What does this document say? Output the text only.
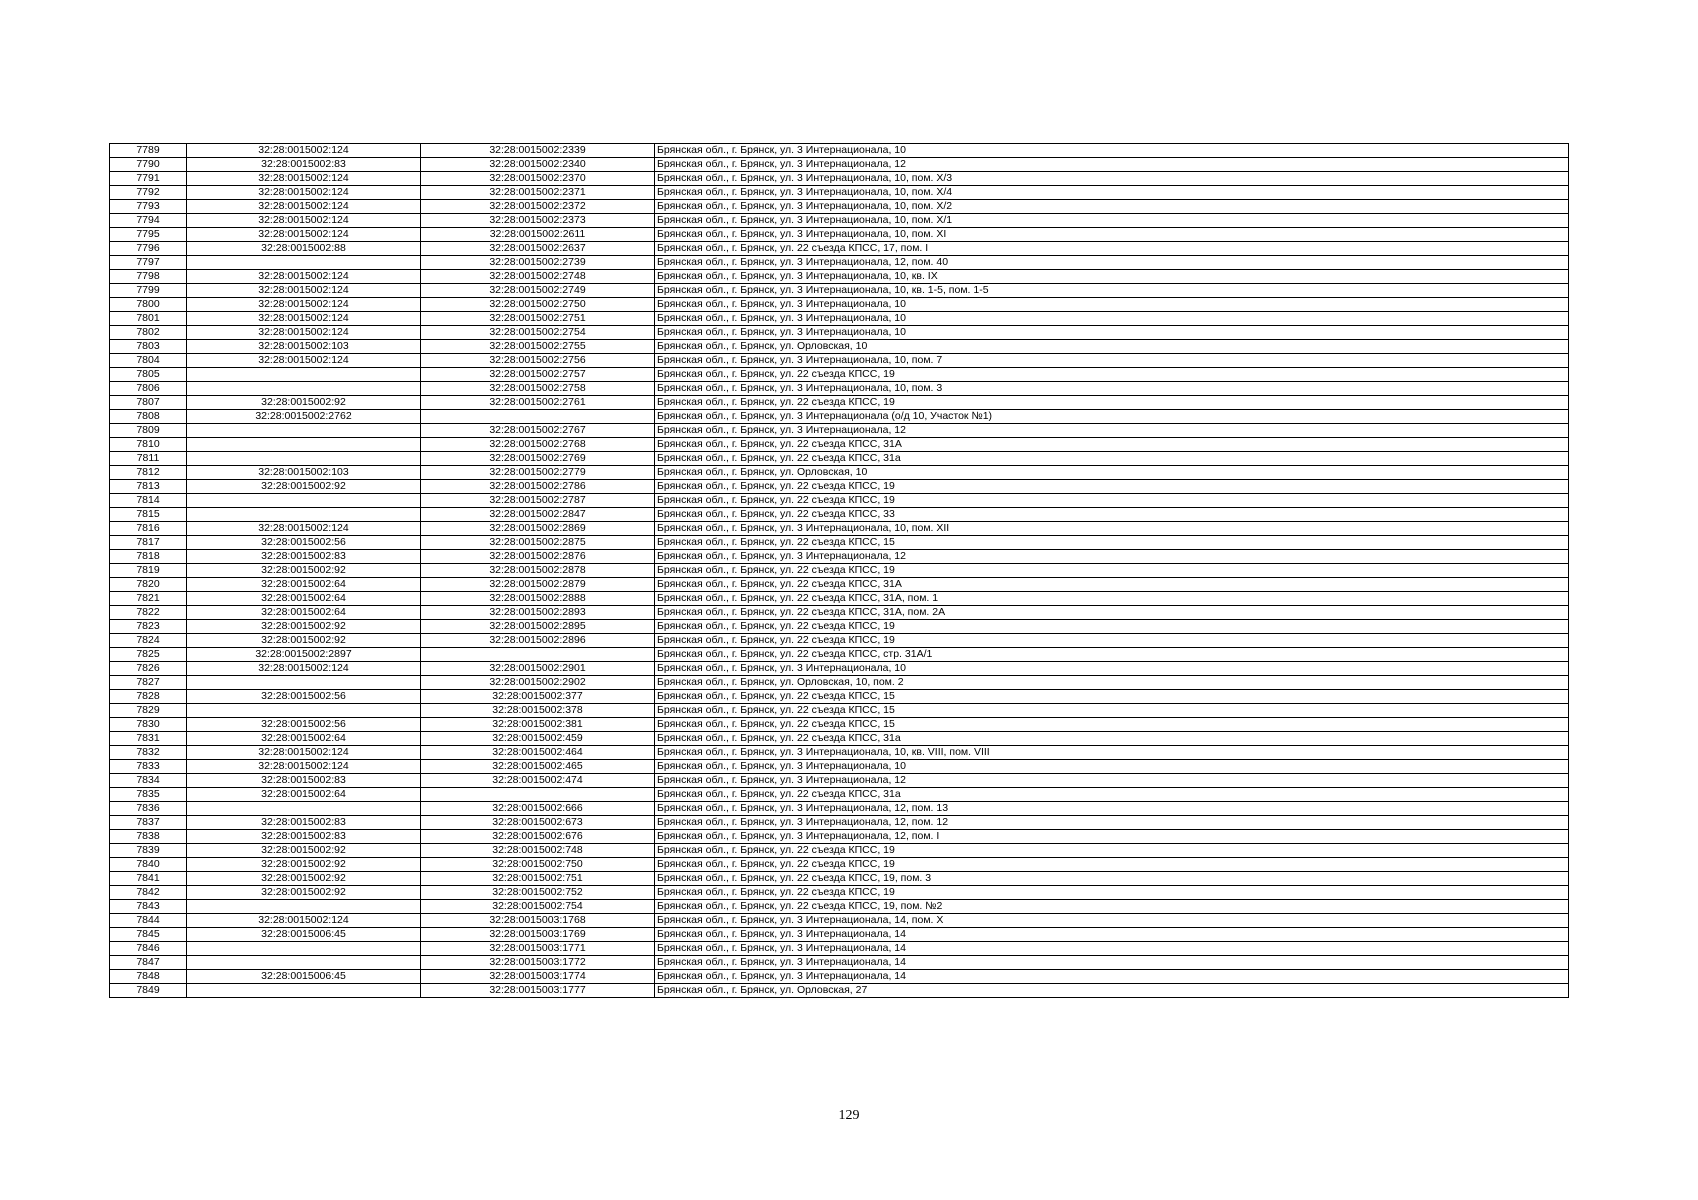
7789	32:28:0015002:124	32:28:0015002:2339	Брянская обл., г. Брянск, ул. 3 Интернационала, 10
7790	32:28:0015002:83	32:28:0015002:2340	Брянская обл., г. Брянск, ул. 3 Интернационала, 12
7791	32:28:0015002:124	32:28:0015002:2370	Брянская обл., г. Брянск, ул. 3 Интернационала, 10, пом. X/3
7792	32:28:0015002:124	32:28:0015002:2371	Брянская обл., г. Брянск, ул. 3 Интернационала, 10, пом. X/4
7793	32:28:0015002:124	32:28:0015002:2372	Брянская обл., г. Брянск, ул. 3 Интернационала, 10, пом. X/2
7794	32:28:0015002:124	32:28:0015002:2373	Брянская обл., г. Брянск, ул. 3 Интернационала, 10, пом. X/1
7795	32:28:0015002:124	32:28:0015002:2611	Брянская обл., г. Брянск, ул. 3 Интернационала, 10, пом. XI
7796	32:28:0015002:88	32:28:0015002:2637	Брянская обл., г. Брянск, ул. 22 съезда КПСС, 17, пом. I
7797		32:28:0015002:2739	Брянская обл., г. Брянск, ул. 3 Интернационала, 12, пом. 40
7798	32:28:0015002:124	32:28:0015002:2748	Брянская обл., г. Брянск, ул. 3 Интернационала, 10, кв. IX
7799	32:28:0015002:124	32:28:0015002:2749	Брянская обл., г. Брянск, ул. 3 Интернационала, 10, кв. 1-5, пом. 1-5
7800	32:28:0015002:124	32:28:0015002:2750	Брянская обл., г. Брянск, ул. 3 Интернационала, 10
7801	32:28:0015002:124	32:28:0015002:2751	Брянская обл., г. Брянск, ул. 3 Интернационала, 10
7802	32:28:0015002:124	32:28:0015002:2754	Брянская обл., г. Брянск, ул. 3 Интернационала, 10
7803	32:28:0015002:103	32:28:0015002:2755	Брянская обл., г. Брянск, ул. Орловская, 10
7804	32:28:0015002:124	32:28:0015002:2756	Брянская обл., г. Брянск, ул. 3 Интернационала, 10, пом. 7
7805		32:28:0015002:2757	Брянская обл., г. Брянск, ул. 22 съезда КПСС, 19
7806		32:28:0015002:2758	Брянская обл., г. Брянск, ул. 3 Интернационала, 10, пом. 3
7807	32:28:0015002:92	32:28:0015002:2761	Брянская обл., г. Брянск, ул. 22 съезда КПСС, 19
7808	32:28:0015002:2762		Брянская обл., г. Брянск, ул. 3 Интернационала (о/д 10, Участок №1)
7809		32:28:0015002:2767	Брянская обл., г. Брянск, ул. 3 Интернационала, 12
7810		32:28:0015002:2768	Брянская обл., г. Брянск, ул. 22 съезда КПСС, 31А
7811		32:28:0015002:2769	Брянская обл., г. Брянск, ул. 22 съезда КПСС, 31а
7812	32:28:0015002:103	32:28:0015002:2779	Брянская обл., г. Брянск, ул. Орловская, 10
7813	32:28:0015002:92	32:28:0015002:2786	Брянская обл., г. Брянск, ул. 22 съезда КПСС, 19
7814		32:28:0015002:2787	Брянская обл., г. Брянск, ул. 22 съезда КПСС, 19
7815		32:28:0015002:2847	Брянская обл., г. Брянск, ул. 22 съезда КПСС, 33
7816	32:28:0015002:124	32:28:0015002:2869	Брянская обл., г. Брянск, ул. 3 Интернационала, 10, пом. XII
7817	32:28:0015002:56	32:28:0015002:2875	Брянская обл., г. Брянск, ул. 22 съезда КПСС, 15
7818	32:28:0015002:83	32:28:0015002:2876	Брянская обл., г. Брянск, ул. 3 Интернационала, 12
7819	32:28:0015002:92	32:28:0015002:2878	Брянская обл., г. Брянск, ул. 22 съезда КПСС, 19
7820	32:28:0015002:64	32:28:0015002:2879	Брянская обл., г. Брянск, ул. 22 съезда КПСС, 31А
7821	32:28:0015002:64	32:28:0015002:2888	Брянская обл., г. Брянск, ул. 22 съезда КПСС, 31А, пом. 1
7822	32:28:0015002:64	32:28:0015002:2893	Брянская обл., г. Брянск, ул. 22 съезда КПСС, 31А, пом. 2А
7823	32:28:0015002:92	32:28:0015002:2895	Брянская обл., г. Брянск, ул. 22 съезда КПСС, 19
7824	32:28:0015002:92	32:28:0015002:2896	Брянская обл., г. Брянск, ул. 22 съезда КПСС, 19
7825	32:28:0015002:2897		Брянская обл., г. Брянск, ул. 22 съезда КПСС, стр. 31А/1
7826	32:28:0015002:124	32:28:0015002:2901	Брянская обл., г. Брянск, ул. 3 Интернационала, 10
7827		32:28:0015002:2902	Брянская обл., г. Брянск, ул. Орловская, 10, пом. 2
7828	32:28:0015002:56	32:28:0015002:377	Брянская обл., г. Брянск, ул. 22 съезда КПСС, 15
7829		32:28:0015002:378	Брянская обл., г. Брянск, ул. 22 съезда КПСС, 15
7830	32:28:0015002:56	32:28:0015002:381	Брянская обл., г. Брянск, ул. 22 съезда КПСС, 15
7831	32:28:0015002:64	32:28:0015002:459	Брянская обл., г. Брянск, ул. 22 съезда КПСС, 31а
7832	32:28:0015002:124	32:28:0015002:464	Брянская обл., г. Брянск, ул. 3 Интернационала, 10, кв. VIII, пом. VIII
7833	32:28:0015002:124	32:28:0015002:465	Брянская обл., г. Брянск, ул. 3 Интернационала, 10
7834	32:28:0015002:83	32:28:0015002:474	Брянская обл., г. Брянск, ул. 3 Интернационала, 12
7835	32:28:0015002:64		Брянская обл., г. Брянск, ул. 22 съезда КПСС, 31а
7836		32:28:0015002:666	Брянская обл., г. Брянск, ул. 3 Интернационала, 12, пом. 13
7837	32:28:0015002:83	32:28:0015002:673	Брянская обл., г. Брянск, ул. 3 Интернационала, 12, пом. 12
7838	32:28:0015002:83	32:28:0015002:676	Брянская обл., г. Брянск, ул. 3 Интернационала, 12, пом. I
7839	32:28:0015002:92	32:28:0015002:748	Брянская обл., г. Брянск, ул. 22 съезда КПСС, 19
7840	32:28:0015002:92	32:28:0015002:750	Брянская обл., г. Брянск, ул. 22 съезда КПСС, 19
7841	32:28:0015002:92	32:28:0015002:751	Брянская обл., г. Брянск, ул. 22 съезда КПСС, 19, пом. 3
7842	32:28:0015002:92	32:28:0015002:752	Брянская обл., г. Брянск, ул. 22 съезда КПСС, 19
7843		32:28:0015002:754	Брянская обл., г. Брянск, ул. 22 съезда КПСС, 19, пом. №2
7844	32:28:0015002:124	32:28:0015003:1768	Брянская обл., г. Брянск, ул. 3 Интернационала, 14, пом. X
7845	32:28:0015006:45	32:28:0015003:1769	Брянская обл., г. Брянск, ул. 3 Интернационала, 14
7846		32:28:0015003:1771	Брянская обл., г. Брянск, ул. 3 Интернационала, 14
7847		32:28:0015003:1772	Брянская обл., г. Брянск, ул. 3 Интернационала, 14
7848	32:28:0015006:45	32:28:0015003:1774	Брянская обл., г. Брянск, ул. 3 Интернационала, 14
7849		32:28:0015003:1777	Брянская обл., г. Брянск, ул. Орловская, 27
129
